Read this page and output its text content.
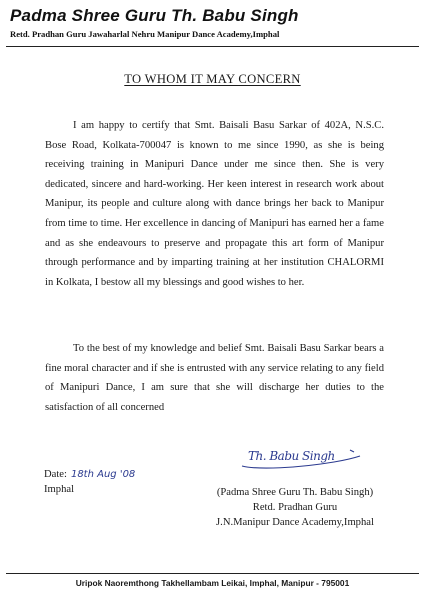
Padma Shree Guru Th. Babu Singh
Retd. Pradhan Guru Jawaharlal Nehru Manipur Dance Academy,Imphal
TO WHOM IT MAY CONCERN

I am happy to certify that Smt. Baisali Basu Sarkar of 402A, N.S.C. Bose Road, Kolkata-700047 is known to me since 1990, as she is being receiving training in Manipuri Dance under me since then. She is very dedicated, sincere and hard-working. Her keen interest in research work about Manipur, its people and culture along with dance brings her back to Manipur from time to time. Her excellence in dancing of Manipuri has earned her a fame and as she endeavours to preserve and propagate this art form of Manipur through performance and by imparting training at her institution CHALORMI in Kolkata, I bestow all my blessings and good wishes to her.

To the best of my knowledge and belief Smt. Baisali Basu Sarkar bears a fine moral character and if she is entrusted with any service relating to any field of Manipuri Dance, I am sure that she will discharge her duties to the satisfaction of all concerned

Date: 18th Aug '08
Imphal
Th. Babu Singh
(Padma Shree Guru Th. Babu Singh)
Retd. Pradhan Guru
J.N.Manipur Dance Academy,Imphal
Uripok Naoremthong Takhellambam Leikai, Imphal, Manipur - 795001
